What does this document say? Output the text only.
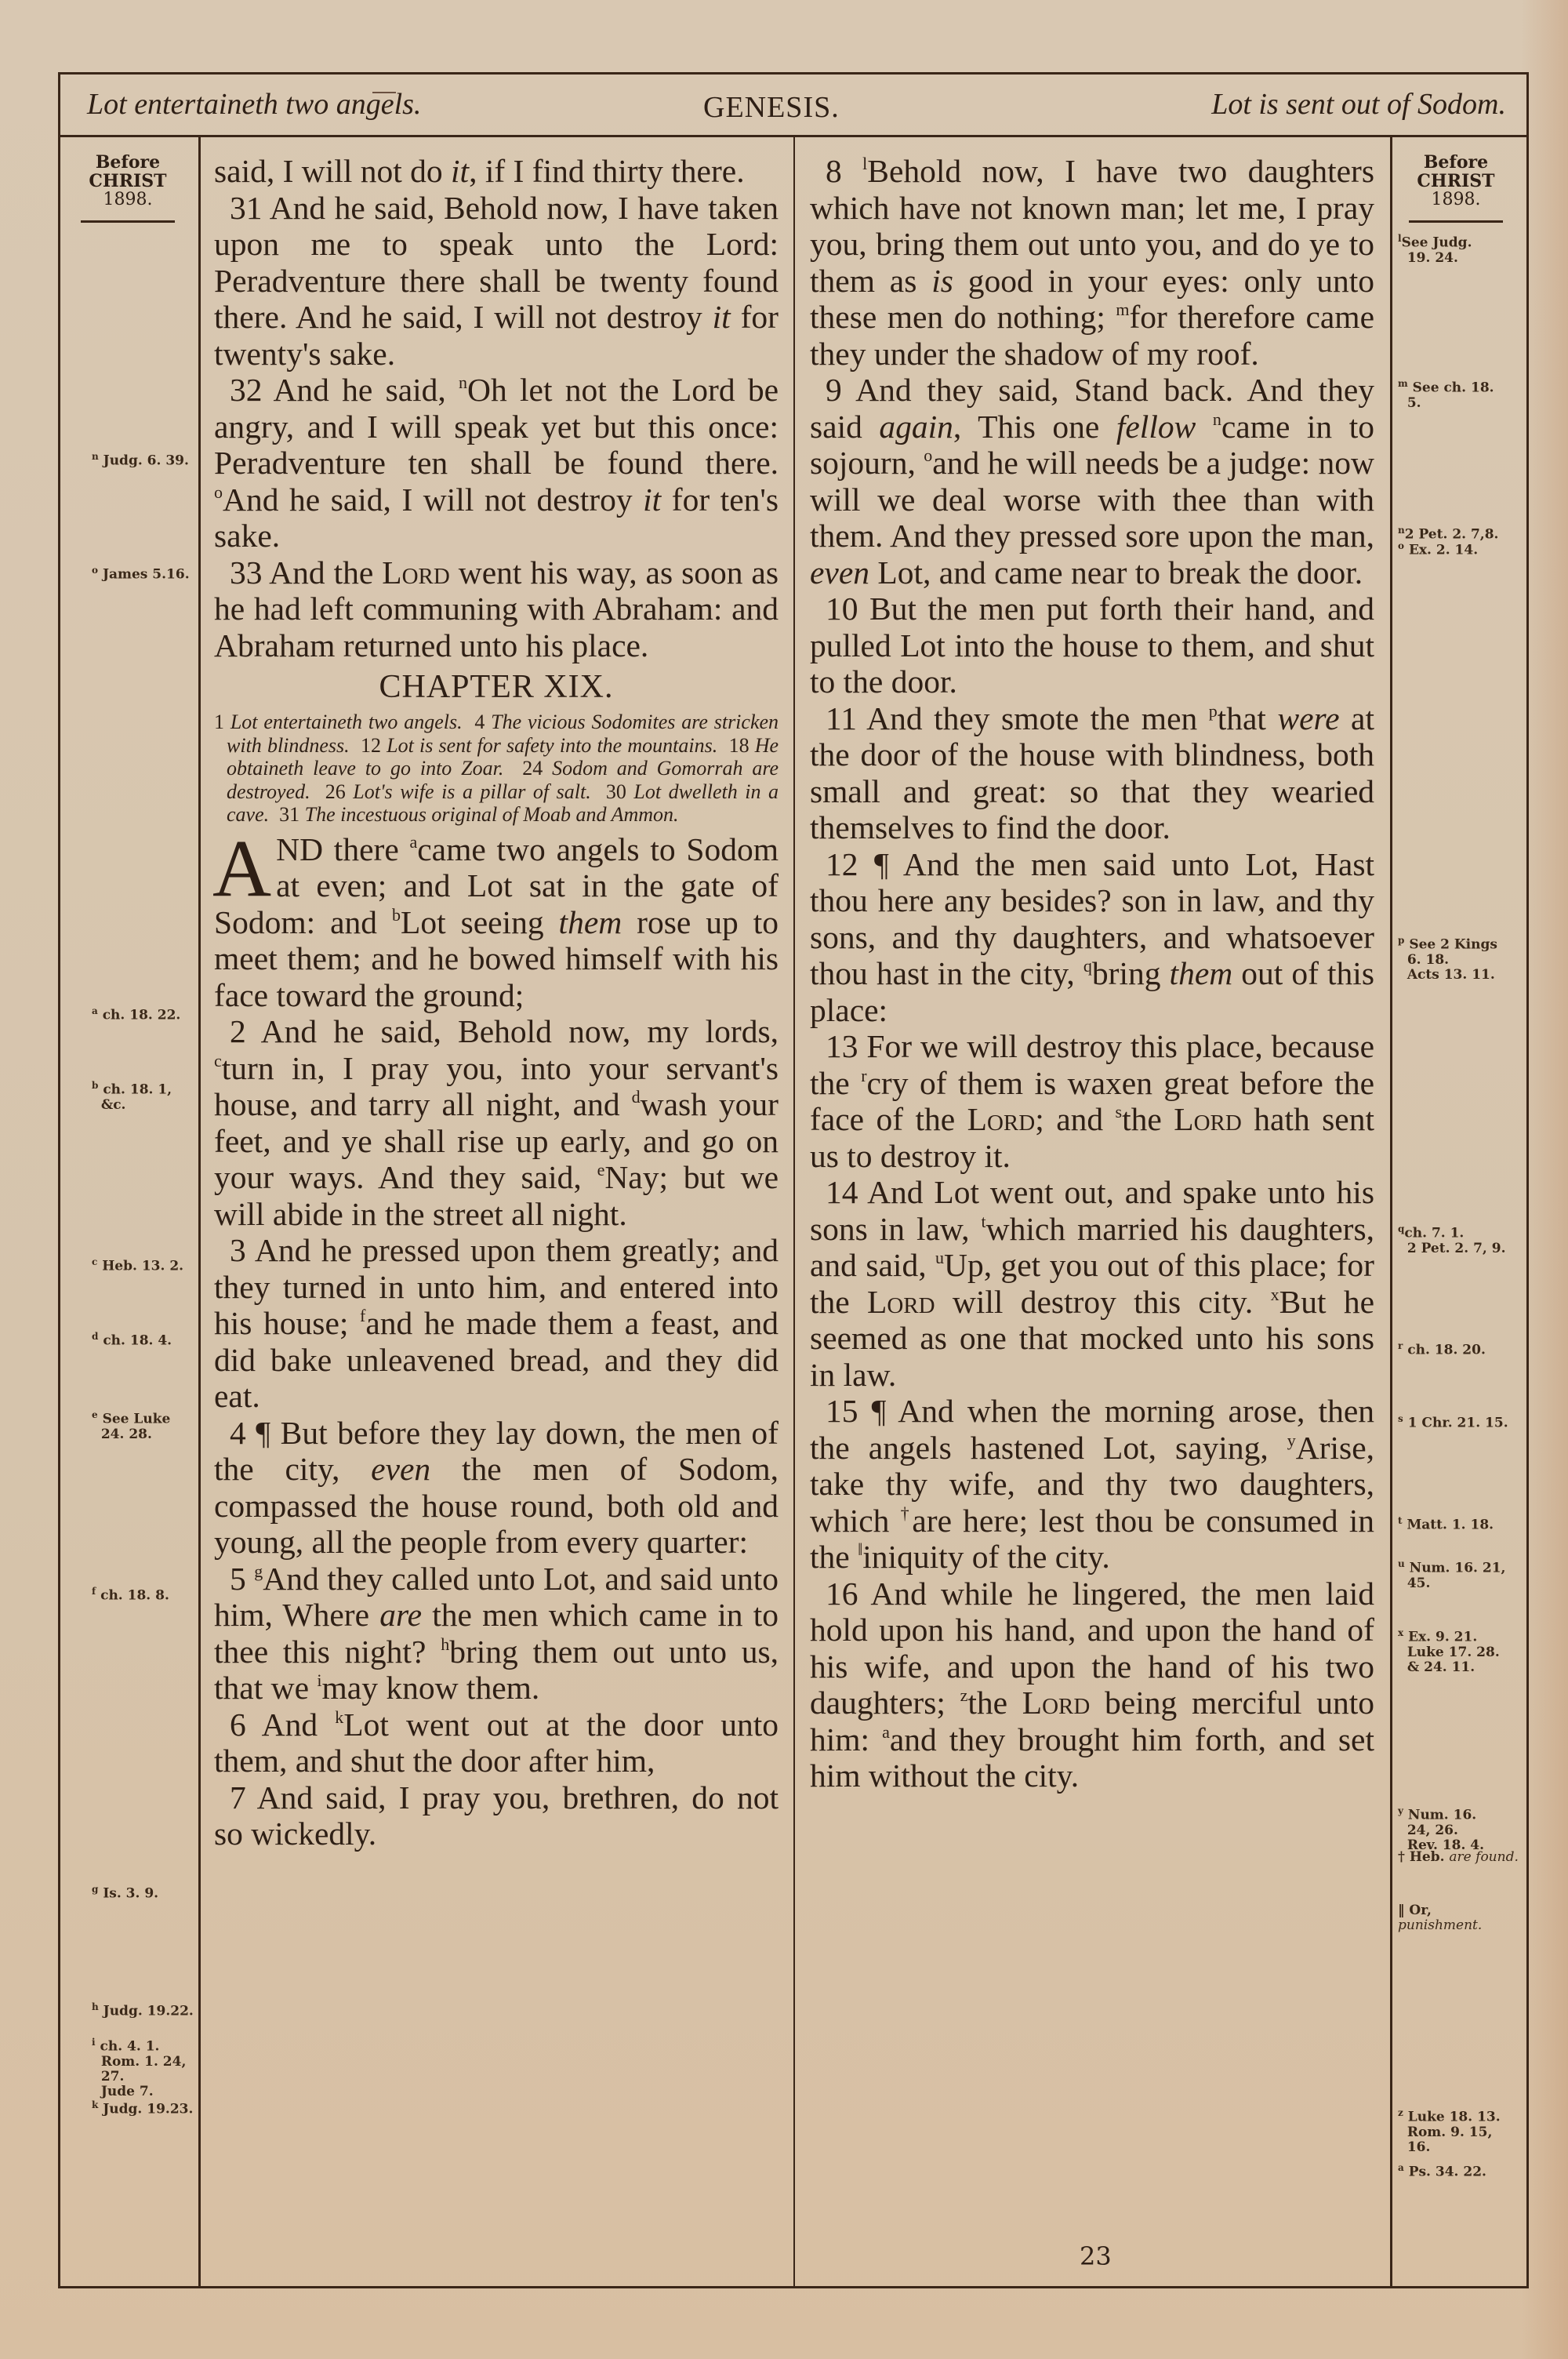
Lot entertaineth two angels.	GENESIS.	Lot is sent out of Sodom.
Before
CHRIST
1898.
Before
CHRIST
1898.
$^n$ Judg. 6. 39.
$^o$ James 5.16.
$^a$ ch. 18. 22.
$^b$ ch. 18. 1,
&c.
$^c$ Heb. 13. 2.
$^d$ ch. 18. 4.
$^e$ See Luke
24. 28.
$^f$ ch. 18. 8.
$^g$ Is. 3. 9.
$^h$ Judg. 19.22.
$^i$ ch. 4. 1.
Rom. 1. 24,
27.
Jude 7.
$^k$ Judg. 19.23.
$^l$See Judg.
19. 24.
$^m$ See ch. 18.
5.
$^n$2 Pet. 2. 7,8.
$^o$ Ex. 2. 14.
$^p$ See 2 Kings
6. 18.
Acts 13. 11.
$^q$ch. 7. 1.
2 Pet. 2. 7, 9.
$^r$ ch. 18. 20.
$^s$ 1 Chr. 21. 15.
$^t$ Matt. 1. 18.
$^u$ Num. 16. 21,
45.
$^x$ Ex. 9. 21.
Luke 17. 28.
& 24. 11.
$^y$ Num. 16.
24, 26.
Rev. 18. 4.
† Heb. are found.
‖ Or, punishment.
$^z$ Luke 18. 13.
Rom. 9. 15,
16.
$^a$ Ps. 34. 22.

said, I will not do it, if I find thirty there.

31 And he said, Behold now, I have taken upon me to speak unto the Lord: Peradventure there shall be twenty found there. And he said, I will not destroy it for twenty's sake.

32 And he said, $^n$Oh let not the Lord be angry, and I will speak yet but this once: Peradventure ten shall be found there. $^o$And he said, I will not destroy it for ten's sake.

33 And the Lord went his way, as soon as he had left communing with Abraham: and Abraham returned unto his place.

CHAPTER XIX.
1 Lot entertaineth two angels. 4 The vicious Sodomites are stricken with blindness. 12 Lot is sent for safety into the mountains. 18 He obtaineth leave to go into Zoar. 24 Sodom and Gomorrah are destroyed. 26 Lot's wife is a pillar of salt. 30 Lot dwelleth in a cave. 31 The incestuous original of Moab and Ammon.

AND there $^a$came two angels to Sodom at even; and Lot sat in the gate of Sodom: and $^b$Lot seeing them rose up to meet them; and he bowed himself with his face toward the ground;

2 And he said, Behold now, my lords, $^c$turn in, I pray you, into your servant's house, and tarry all night, and $^d$wash your feet, and ye shall rise up early, and go on your ways. And they said, $^e$Nay; but we will abide in the street all night.

3 And he pressed upon them greatly; and they turned in unto him, and entered into his house; $^f$and he made them a feast, and did bake unleavened bread, and they did eat.

4 ¶ But before they lay down, the men of the city, even the men of Sodom, compassed the house round, both old and young, all the people from every quarter:

5 $^g$And they called unto Lot, and said unto him, Where are the men which came in to thee this night? $^h$bring them out unto us, that we $^i$may know them.

6 And $^k$Lot went out at the door unto them, and shut the door after him,

7 And said, I pray you, brethren, do not so wickedly.

8 $^l$Behold now, I have two daughters which have not known man; let me, I pray you, bring them out unto you, and do ye to them as is good in your eyes: only unto these men do nothing; $^m$for therefore came they under the shadow of my roof.

9 And they said, Stand back. And they said again, This one fellow $^n$came in to sojourn, $^o$and he will needs be a judge: now will we deal worse with thee than with them. And they pressed sore upon the man, even Lot, and came near to break the door.

10 But the men put forth their hand, and pulled Lot into the house to them, and shut to the door.

11 And they smote the men $^p$that were at the door of the house with blindness, both small and great: so that they wearied themselves to find the door.

12 ¶ And the men said unto Lot, Hast thou here any besides? son in law, and thy sons, and thy daughters, and whatsoever thou hast in the city, $^q$bring them out of this place:

13 For we will destroy this place, because the $^r$cry of them is waxen great before the face of the Lord; and $^s$the Lord hath sent us to destroy it.

14 And Lot went out, and spake unto his sons in law, $^t$which married his daughters, and said, $^u$Up, get you out of this place; for the Lord will destroy this city. $^x$But he seemed as one that mocked unto his sons in law.

15 ¶ And when the morning arose, then the angels hastened Lot, saying, $^y$Arise, take thy wife, and thy two daughters, which †are here; lest thou be consumed in the ‖iniquity of the city.

16 And while he lingered, the men laid hold upon his hand, and upon the hand of his wife, and upon the hand of his two daughters; $^z$the Lord being merciful unto him: $^a$and they brought him forth, and set him without the city.

23
